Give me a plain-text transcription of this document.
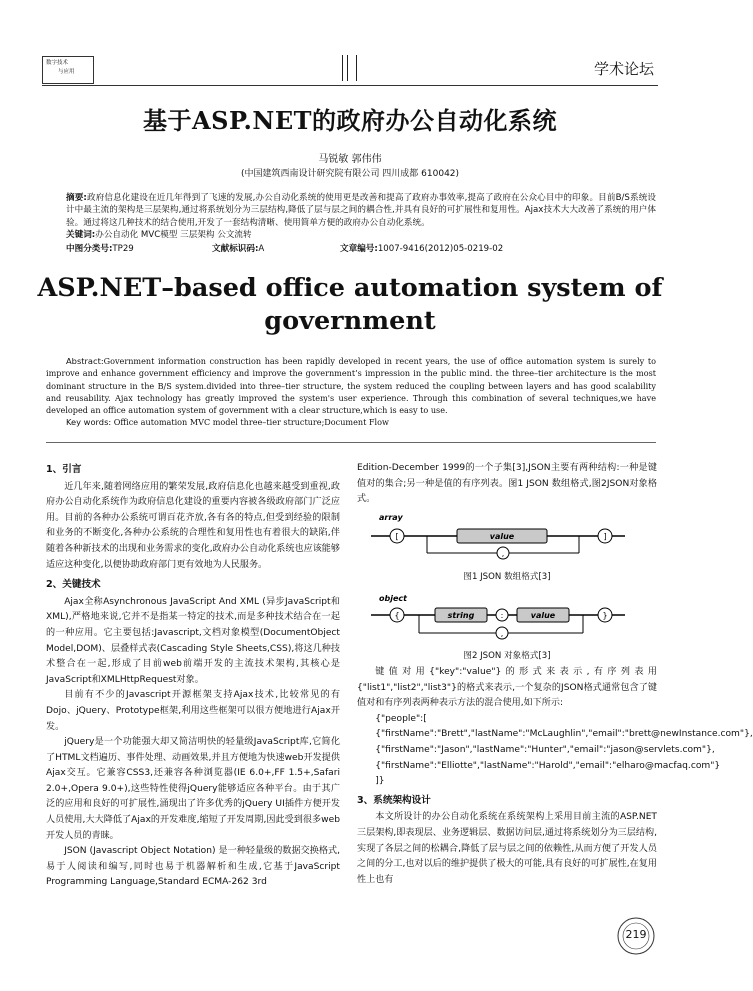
数字技术
与应用	学术论坛
基于ASP.NET的政府办公自动化系统
马锐敏 郭伟伟
(中国建筑西南设计研究院有限公司 四川成都 610042)
摘要:政府信息化建设在近几年得到了飞速的发展,办公自动化系统的使用更是改善和提高了政府办事效率,提高了政府在公众心目中的印象。目前B/S系统设计中最主流的架构是三层架构,通过将系统划分为三层结构,降低了层与层之间的耦合性,并具有良好的可扩展性和复用性。Ajax技术大大改善了系统的用户体验。通过将这几种技术的结合使用,开发了一套结构清晰、使用简单方便的政府办公自动化系统。
关键词:办公自动化 MVC模型 三层架构 公文流转
中图分类号:TP29	文献标识码:A	文章编号:1007-9416(2012)05-0219-02
ASP.NET–based office automation system of
government
Abstract:Government information construction has been rapidly developed in recent years, the use of office automation system is surely to improve and enhance government efficiency and improve the government’s impression in the public mind. the three–tier architecture is the most dominant structure in the B/S system.divided into three–tier structure, the system reduced the coupling between layers and has good scalability and reusability. Ajax technology has greatly improved the system's user experience. Through this combination of several techniques,we have developed an office automation system of government with a clear structure,which is easy to use.
Key words: Office automation MVC model three–tier structure;Document Flow
1、引言
近几年来,随着网络应用的繁荣发展,政府信息化也越来越受到重视,政府办公自动化系统作为政府信息化建设的重要内容被各级政府部门广泛应用。目前的各种办公系统可谓百花齐放,各有各的特点,但受到经验的限制和业务的不断变化,各种办公系统的合理性和复用性也有着很大的缺陷,伴随着各种新技术的出现和业务需求的变化,政府办公自动化系统也应该能够适应这种变化,以便协助政府部门更有效地为人民服务。
2、关键技术
Ajax全称Asynchronous JavaScript And XML (异步JavaScript和XML),严格地来说,它并不是指某一特定的技术,而是多种技术结合在一起的一种应用。它主要包括:Javascript,文档对象模型(DocumentObject Model,DOM)、层叠样式表(Cascading Style Sheets,CSS),将这几种技术整合在一起,形成了目前web前端开发的主流技术架构,其核心是JavaScript和XMLHttpRequest对象。
目前有不少的Javascript开源框架支持Ajax技术,比较常见的有Dojo、jQuery、Prototype框架,利用这些框架可以很方便地进行Ajax开发。
jQuery是一个功能强大却又简洁明快的轻量级JavaScript库,它简化了HTML文档遍历、事件处理、动画效果,并且方便地为快速web开发提供Ajax交互。它兼容CSS3,还兼容各种浏览器(IE 6.0+,FF 1.5+,Safari 2.0+,Opera 9.0+),这些特性使得jQuery能够适应各种平台。由于其广泛的应用和良好的可扩展性,涌现出了许多优秀的jQuery UI插件方便开发人员使用,大大降低了Ajax的开发难度,缩短了开发周期,因此受到很多web开发人员的青睐。
JSON (Javascript Object Notation) 是一种轻量级的数据交换格式,易于人阅读和编写,同时也易于机器解析和生成,它基于JavaScript Programming Language,Standard ECMA-262 3rd
Edition-December 1999的一个子集[3],JSON主要有两种结构:一种是键值对的集合;另一种是值的有序列表。图1 JSON 数组格式,图2JSON对象格式。
array
[	value
,
]
图1 JSON 数组格式[3]
object
{	string	:	value
,
}
图2 JSON 对象格式[3]
键值对用{"key":"value"}的形式来表示,有序列表用{"list1","list2","list3"}的格式来表示,一个复杂的JSON格式通常包含了键值对和有序列表两种表示方法的混合使用,如下所示:
{"people":[
{"firstName":"Brett","lastName":"McLaughlin","email":"brett@newInstance.com"},
{"firstName":"Jason","lastName":"Hunter","email":"jason@servlets.com"},
{"firstName":"Elliotte","lastName":"Harold","email":"elharo@macfaq.com"}
]}
3、系统架构设计
本文所设计的办公自动化系统在系统架构上采用目前主流的ASP.NET三层架构,即表现层、业务逻辑层、数据访问层,通过将系统划分为三层结构,实现了各层之间的松耦合,降低了层与层之间的依赖性,从而方便了开发人员之间的分工,也对以后的维护提供了极大的可能,具有良好的可扩展性,在复用性上也有
219
